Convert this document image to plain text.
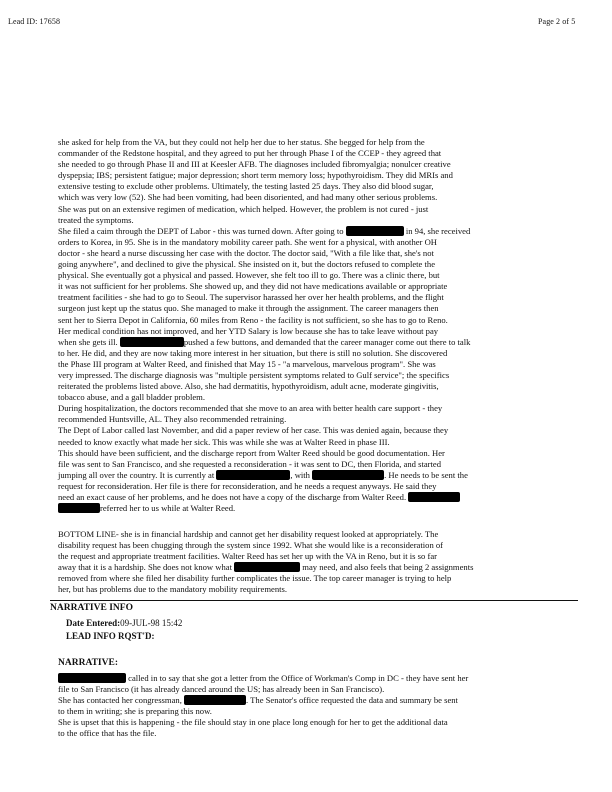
Lead ID: 17658	Page 2 of 5
she asked for help from the VA, but they could not help her due to her status. She begged for help from the
commander of the Redstone hospital, and they agreed to put her through Phase I of the CCEP - they agreed that
she needed to go through Phase II and III at Keesler AFB. The diagnoses included fibromyalgia; nonulcer creative
dyspepsia; IBS; persistent fatigue; major depression; short term memory loss; hypothyroidism. They did MRIs and
extensive testing to exclude other problems. Ultimately, the testing lasted 25 days. They also did blood sugar,
which was very low (52). She had been vomiting, had been disoriented, and had many other serious problems.
She was put on an extensive regimen of medication, which helped. However, the problem is not cured - just
treated the symptoms.
She filed a caim through the DEPT of Labor - this was turned down. After going to	in 94, she received
orders to Korea, in 95. She is in the mandatory mobility career path. She went for a physical, with another OH
doctor - she heard a nurse discussing her case with the doctor. The doctor said, "With a file like that, she's not
going anywhere", and declined to give the physical. She insisted on it, but the doctors refused to complete the
physical. She eventually got a physical and passed. However, she felt too ill to go. There was a clinic there, but
it was not sufficient for her problems. She showed up, and they did not have medications available or appropriate
treatment facilities - she had to go to Seoul. The supervisor harassed her over her health problems, and the flight
surgeon just kept up the status quo. She managed to make it through the assignment. The career managers then
sent her to Sierra Depot in California, 60 miles from Reno - the facility is not sufficient, so she has to go to Reno.
Her medical condition has not improved, and her YTD Salary is low because she has to take leave without pay
when she gets ill.	pushed a few buttons, and demanded that the career manager come out there to talk
to her. He did, and they are now taking more interest in her situation, but there is still no solution. She discovered
the Phase III program at Walter Reed, and finished that May 15 - "a marvelous, marvelous program". She was
very impressed. The discharge diagnosis was "multiple persistent symptoms related to Gulf service"; the specifics
reiterated the problems listed above. Also, she had dermatitis, hypothyroidism, adult acne, moderate gingivitis,
tobacco abuse, and a gall bladder problem.
During hospitalization, the doctors recommended that she move to an area with better health care support - they
recommended Huntsville, AL. They also recommended retraining.
The Dept of Labor called last November, and did a paper review of her case. This was denied again, because they
needed to know exactly what made her sick. This was while she was at Walter Reed in phase III.
This should have been sufficient, and the discharge report from Walter Reed should be good documentation. Her
file was sent to San Francisco, and she requested a reconsideration - it was sent to DC, then Florida, and started
jumping all over the country. It is currently at	, with	. He needs to be sent the
request for reconsideration. Her file is there for reconsideration, and he needs a request anyways. He said they
need an exact cause of her problems, and he does not have a copy of the discharge from Walter Reed.
referred her to us while at Walter Reed.
BOTTOM LINE- she is in financial hardship and cannot get her disability request looked at appropriately. The
disability request has been chugging through the system since 1992. What she would like is a reconsideration of
the request and appropriate treatment facilities. Walter Reed has set her up with the VA in Reno, but it is so far
away that it is a hardship. She does not know what	may need, and also feels that being 2 assignments
removed from where she filed her disability further complicates the issue. The top career manager is trying to help
her, but has problems due to the mandatory mobility requirements.
NARRATIVE INFO
Date Entered:09-JUL-98 15:42
LEAD INFO RQST'D:
NARRATIVE:
called in to say that she got a letter from the Office of Workman's Comp in DC - they have sent her
file to San Francisco (it has already danced around the US; has already been in San Francisco).
She has contacted her congressman,	. The Senator's office requested the data and summary be sent
to them in writing; she is preparing this now.
She is upset that this is happening - the file should stay in one place long enough for her to get the additional data
to the office that has the file.
